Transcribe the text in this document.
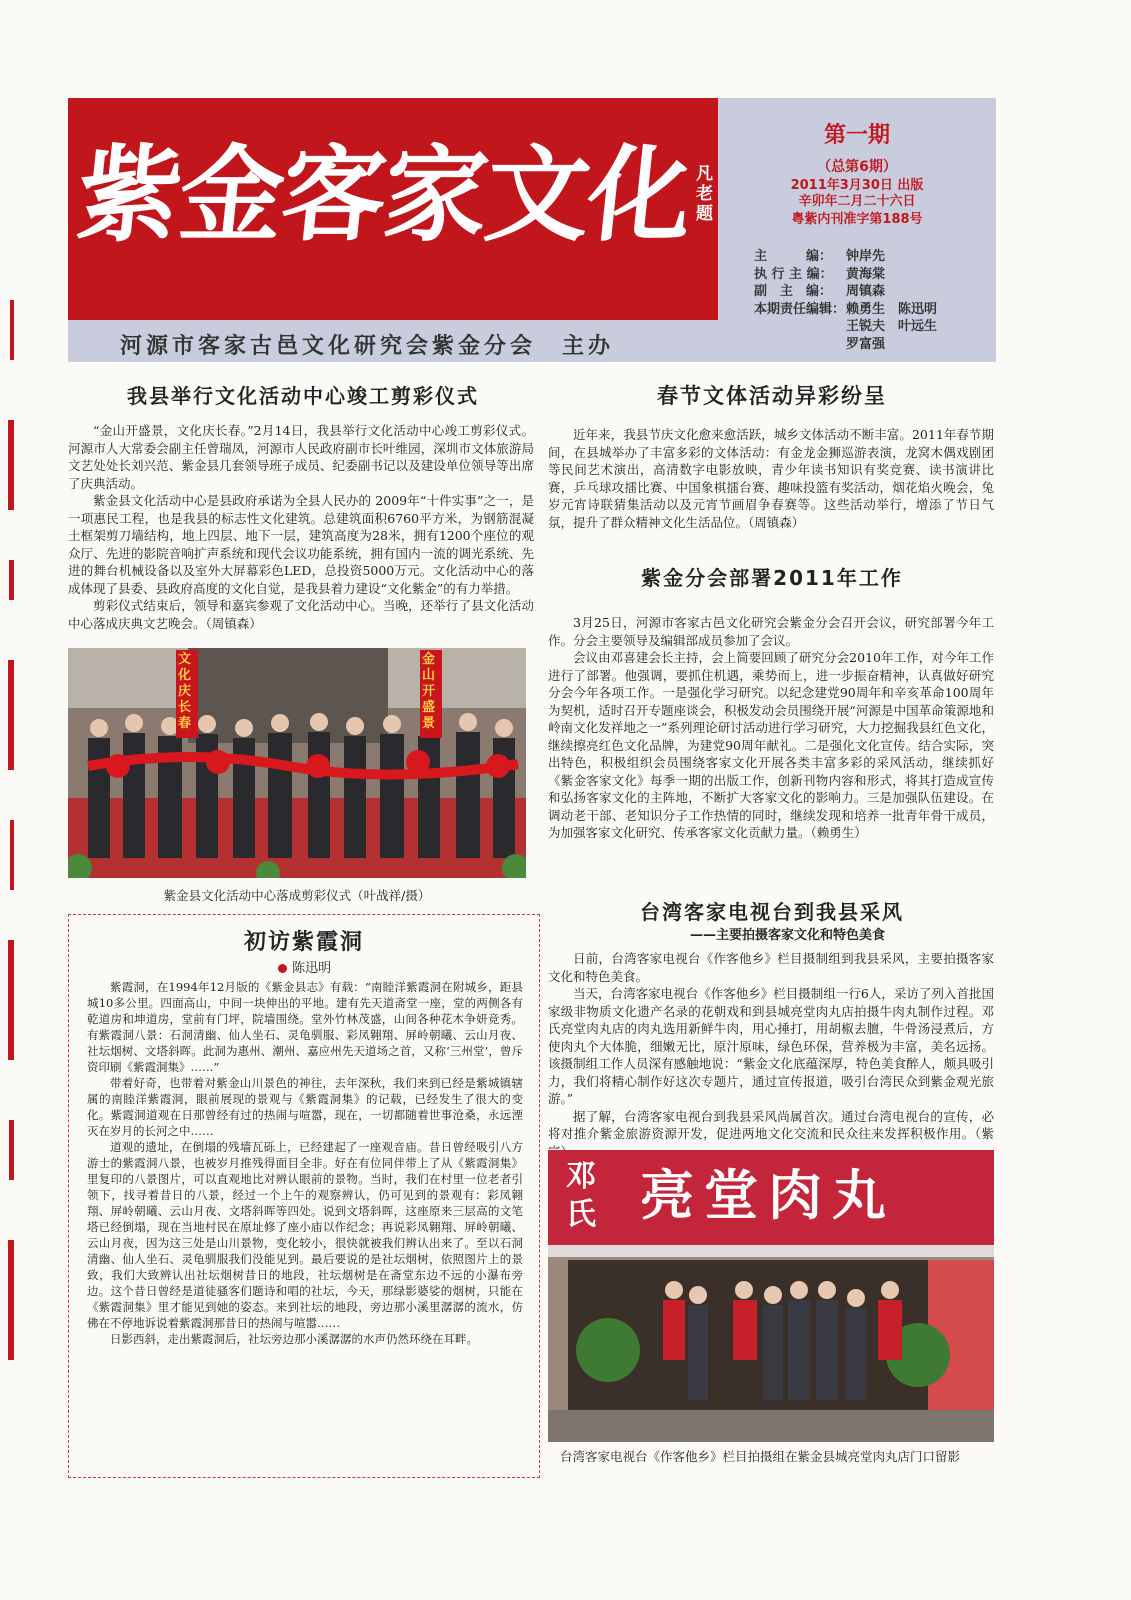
紫金客家文化 凡老题
河源市客家古邑文化研究会紫金分会　主办
第一期
（总第6期）
2011年3月30日 出版
辛卯年二月二十六日
粤紫内刊准字第188号
主　　　编：	钟岸先
执 行 主 编：	黄海棠
副　主　编：	周镇森
本期责任编辑： 赖勇生　陈迅明
王锐夫　叶远生
罗富强
我县举行文化活动中心竣工剪彩仪式

“金山开盛景，文化庆长春。”2月14日，我县举行文化活动中心竣工剪彩仪式。河源市人大常委会副主任曾瑞凤，河源市人民政府副市长叶维园，深圳市文体旅游局文艺处处长刘兴范、紫金县几套领导班子成员、纪委副书记以及建设单位领导等出席了庆典活动。

紫金县文化活动中心是县政府承诺为全县人民办的 2009年“十件实事”之一，是一项惠民工程，也是我县的标志性文化建筑。总建筑面积6760平方米，为钢筋混凝土框架剪刀墙结构，地上四层、地下一层，建筑高度为28米，拥有1200个座位的观众厅、先进的影院音响扩声系统和现代会议功能系统，拥有国内一流的调光系统、先进的舞台机械设备以及室外大屏幕彩色LED，总投资5000万元。文化活动中心的落成体现了县委、县政府高度的文化自觉，是我县着力建设“文化紫金”的有力举措。

剪彩仪式结束后，领导和嘉宾参观了文化活动中心。当晚，还举行了县文化活动中心落成庆典文艺晚会。（周镇森）

文化庆长春
金山开盛景
紫金县文化活动中心落成剪彩仪式（叶战祥/摄）
初访紫霞洞
陈迅明

紫霞洞，在1994年12月版的《紫金县志》有载：“南睦洋紫霞洞在附城乡，距县城10多公里。四面高山，中间一块伸出的平地。建有先天道斋堂一座，堂的两侧各有乾道房和坤道房，堂前有门坪，院墙围绕。堂外竹林茂盛，山间各种花木争妍竞秀。有紫霞洞八景：石洞清幽、仙人坐石、灵龟驯服、彩凤翱翔、屏岭朝曦、云山月夜、社坛烟树、文塔斜晖。此洞为惠州、潮州、嘉应州先天道场之首，又称‘三州堂’，曾斥资印刷《紫霞洞集》……”

带着好奇，也带着对紫金山川景色的神往，去年深秋，我们来到已经是紫城镇辖属的南睦洋紫霞洞，眼前展现的景观与《紫霞洞集》的记载，已经发生了很大的变化。紫霞洞道观在日那曾经有过的热闹与喧嚣，现在，一切都随着世事沧桑，永远湮灭在岁月的长河之中……

道观的遗址，在倒塌的残墙瓦砾上，已经建起了一座观音庙。昔日曾经吸引八方游士的紫霞洞八景，也被岁月推残得面目全非。好在有位同伴带上了从《紫霞洞集》里复印的八景图片，可以直观地比对辨认眼前的景物。当时，我们在村里一位老者引领下，找寻着昔日的八景，经过一个上午的观察辨认，仍可见到的景观有：彩凤翱翔、屏岭朝曦、云山月夜、文塔斜晖等四处。说到文塔斜晖，这座原来三层高的文笔塔已经倒塌，现在当地村民在原址修了座小庙以作纪念；再说彩凤翱翔、屏岭朝曦、云山月夜，因为这三处是山川景物，变化较小，很快就被我们辨认出来了。至以石洞清幽、仙人坐石、灵龟驯服我们没能见到。最后要说的是社坛烟树，依照图片上的景致，我们大致辨认出社坛烟树昔日的地段，社坛烟树是在斋堂东边不远的小瀑布旁边。这个昔日曾经是道徒骚客们题诗和唱的社坛，今天，那绿影婆娑的烟树，只能在《紫霞洞集》里才能见到她的姿态。来到社坛的地段，旁边那小溪里潺潺的流水，仿佛在不停地诉说着紫霞洞那昔日的热闹与喧嚣……

日影西斜，走出紫霞洞后，社坛旁边那小溪潺潺的水声仍然环绕在耳畔。

春节文体活动异彩纷呈

近年来，我县节庆文化愈来愈活跃，城乡文体活动不断丰富。2011年春节期间，在县城举办了丰富多彩的文体活动：有金龙金狮巡游表演，龙窝木偶戏剧团等民间艺术演出，高清数字电影放映，青少年读书知识有奖竞赛、读书演讲比赛，乒乓球攻擂比赛、中国象棋擂台赛、趣味投篮有奖活动，烟花焰火晚会，兔岁元宵诗联猜集活动以及元宵节画眉争春赛等。这些活动举行，增添了节日气氛，提升了群众精神文化生活品位。（周镇森）

紫金分会部署2011年工作

3月25日，河源市客家古邑文化研究会紫金分会召开会议，研究部署今年工作。分会主要领导及编辑部成员参加了会议。

会议由邓喜建会长主持，会上简要回顾了研究分会2010年工作，对今年工作进行了部署。他强调，要抓住机遇，乘势而上，进一步振奋精神，认真做好研究分会今年各项工作。一是强化学习研究。以纪念建党90周年和辛亥革命100周年为契机，适时召开专题座谈会，积极发动会员围绕开展“河源是中国革命策源地和岭南文化发祥地之一”系列理论研讨活动进行学习研究，大力挖掘我县红色文化，继续擦亮红色文化品牌，为建党90周年献礼。二是强化文化宣传。结合实际，突出特色，积极组织会员围绕客家文化开展各类丰富多彩的采风活动，继续抓好《紫金客家文化》每季一期的出版工作，创新刊物内容和形式，将其打造成宣传和弘扬客家文化的主阵地，不断扩大客家文化的影响力。三是加强队伍建设。在调动老干部、老知识分子工作热情的同时，继续发现和培养一批青年骨干成员，为加强客家文化研究、传承客家文化贡献力量。（赖勇生）

台湾客家电视台到我县采风
——主要拍摄客家文化和特色美食

日前，台湾客家电视台《作客他乡》栏目摄制组到我县采风，主要拍摄客家文化和特色美食。

当天，台湾客家电视台《作客他乡》栏目摄制组一行6人，采访了列入首批国家级非物质文化遗产名录的花朝戏和到县城亮堂肉丸店拍摄牛肉丸制作过程。邓氏亮堂肉丸店的肉丸选用新鲜牛肉，用心捶打，用胡椒去膻，牛骨汤浸煮后，方使肉丸个大体脆，细嫩无比，原汁原味，绿色环保，营养极为丰富，美名远扬。该摄制组工作人员深有感触地说：“紫金文化底蕴深厚，特色美食醉人，颇具吸引力，我们将精心制作好这次专题片，通过宣传报道，吸引台湾民众到紫金观光旅游。”

据了解，台湾客家电视台到我县采风尚属首次。通过台湾电视台的宣传，必将对推介紫金旅游资源开发，促进两地文化交流和民众往来发挥积极作用。（紫

亮堂肉丸
邓氏
台湾客家电视台《作客他乡》栏目拍摄组在紫金县城亮堂肉丸店门口留影
